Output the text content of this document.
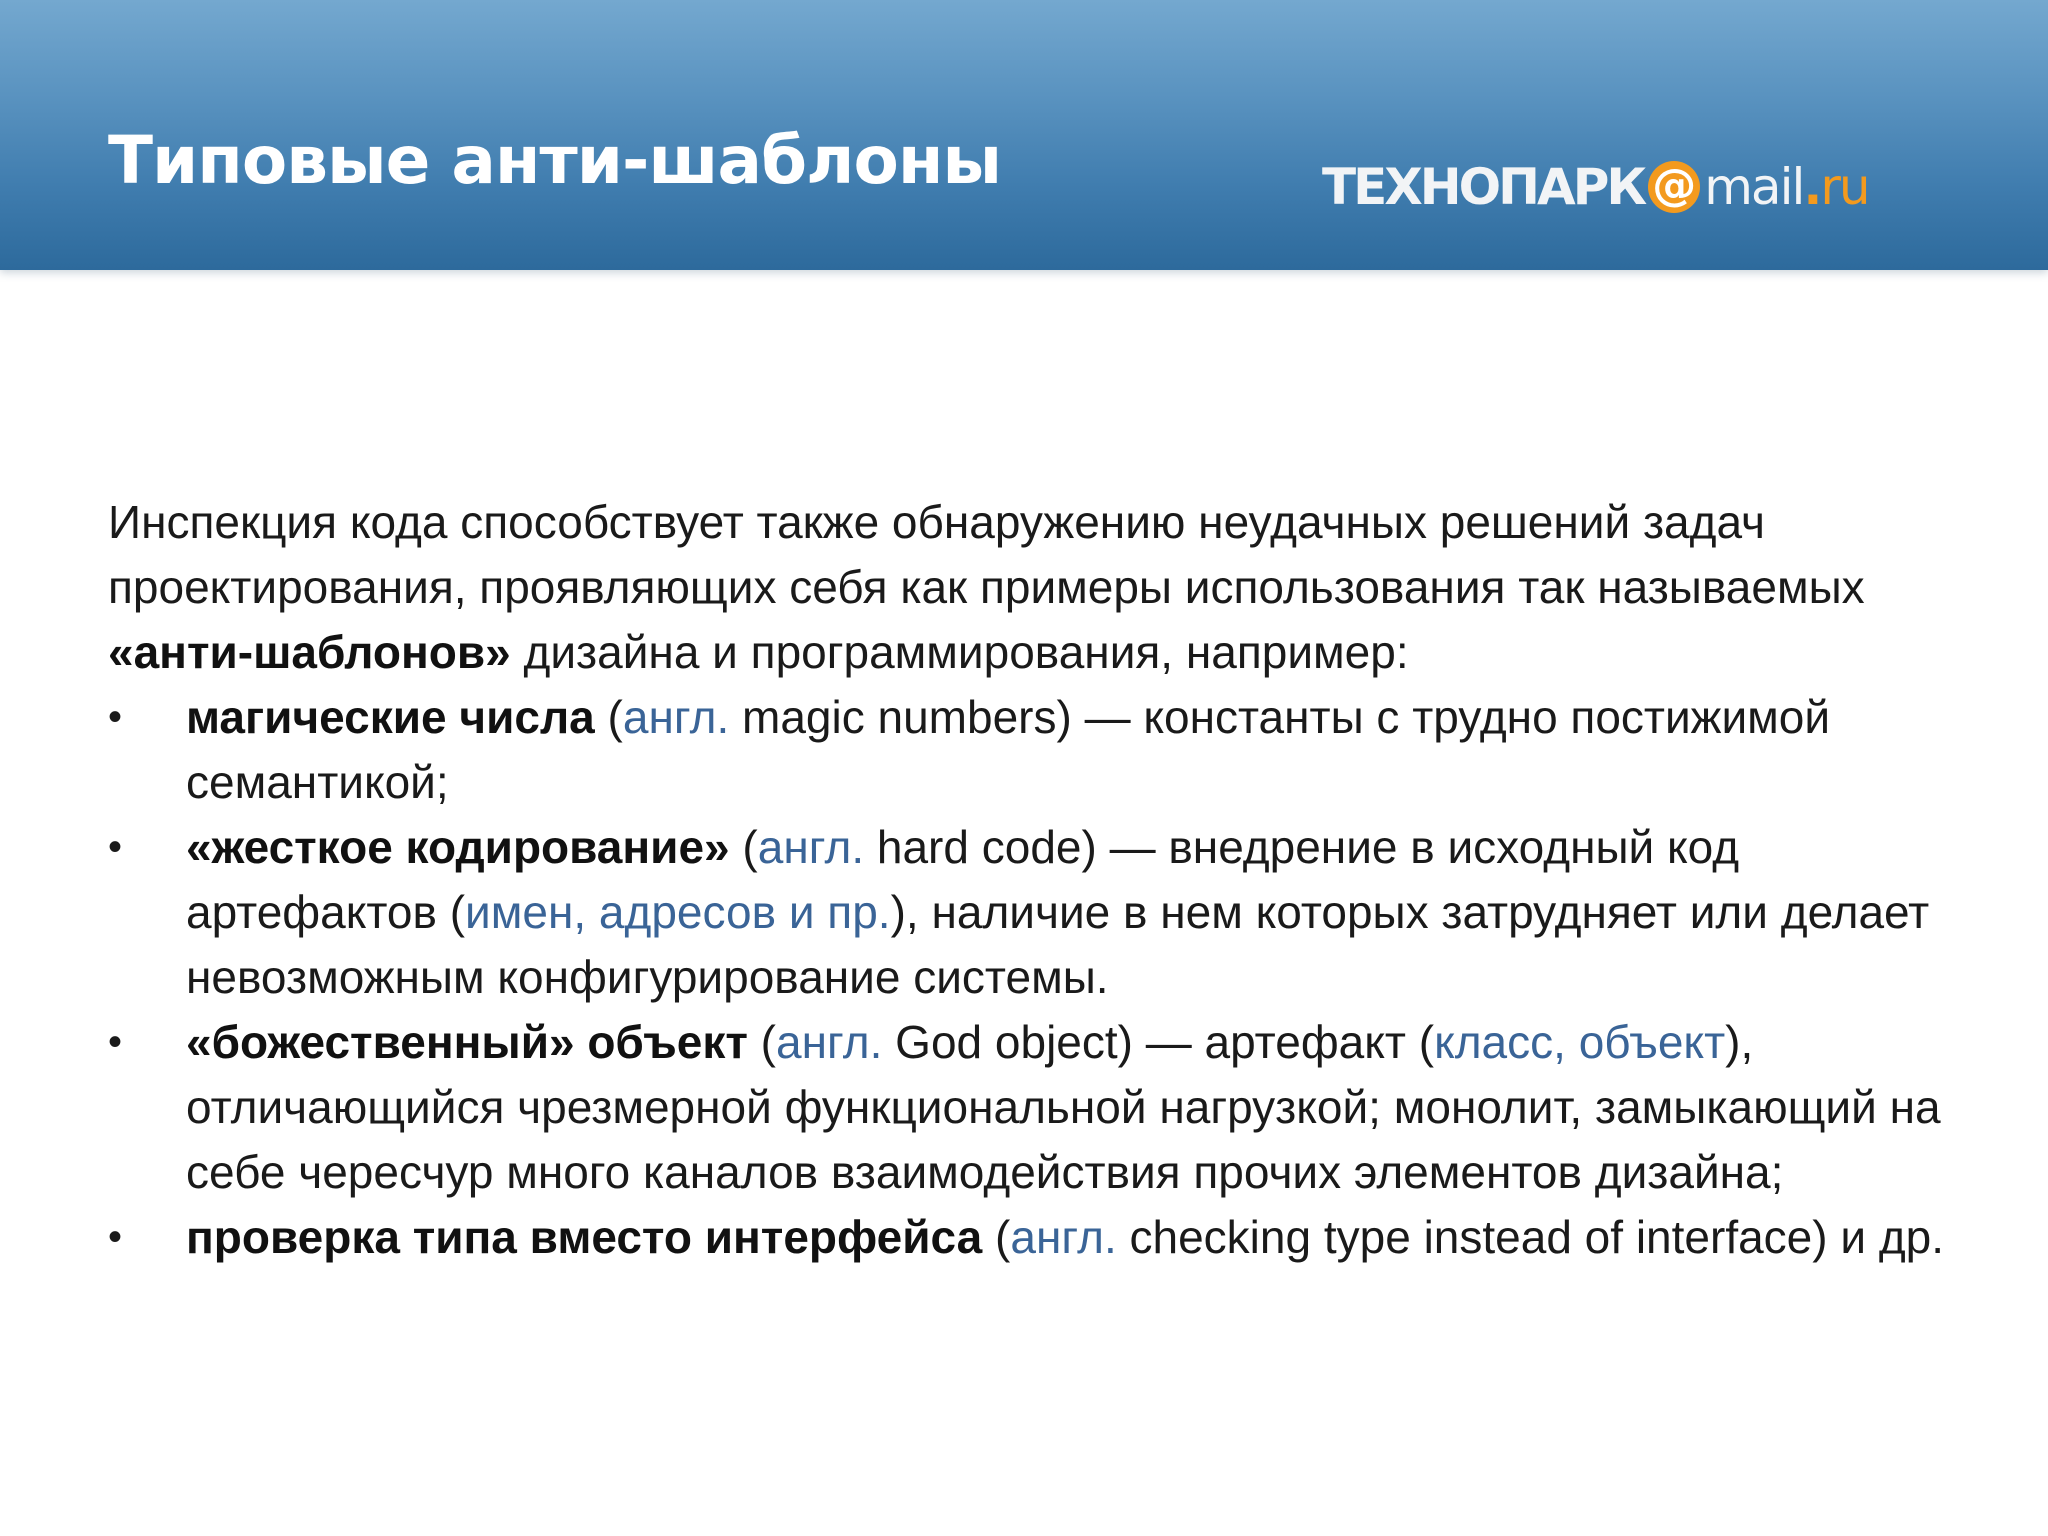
Типовые анти-шаблоны	ТЕХНОПАРК @ mail . ru

Инспекция кода способствует также обнаружению неудачных решений задач проектирования, проявляющих себя как примеры использования так называемых «анти-шаблонов» дизайна и программирования, например:

• магические числа (англ. magic numbers) — константы с трудно постижимой семантикой;
• «жесткое кодирование» (англ. hard code) — внедрение в исходный код артефактов (имен, адресов и пр.), наличие в нем которых затрудняет или делает невозможным конфигурирование системы.
• «божественный» объект (англ. God object) — артефакт (класс, объект), отличающийся чрезмерной функциональной нагрузкой; монолит, замыкающий на себе чересчур много каналов взаимодействия прочих элементов дизайна;
• проверка типа вместо интерфейса (англ. checking type instead of interface) и др.
